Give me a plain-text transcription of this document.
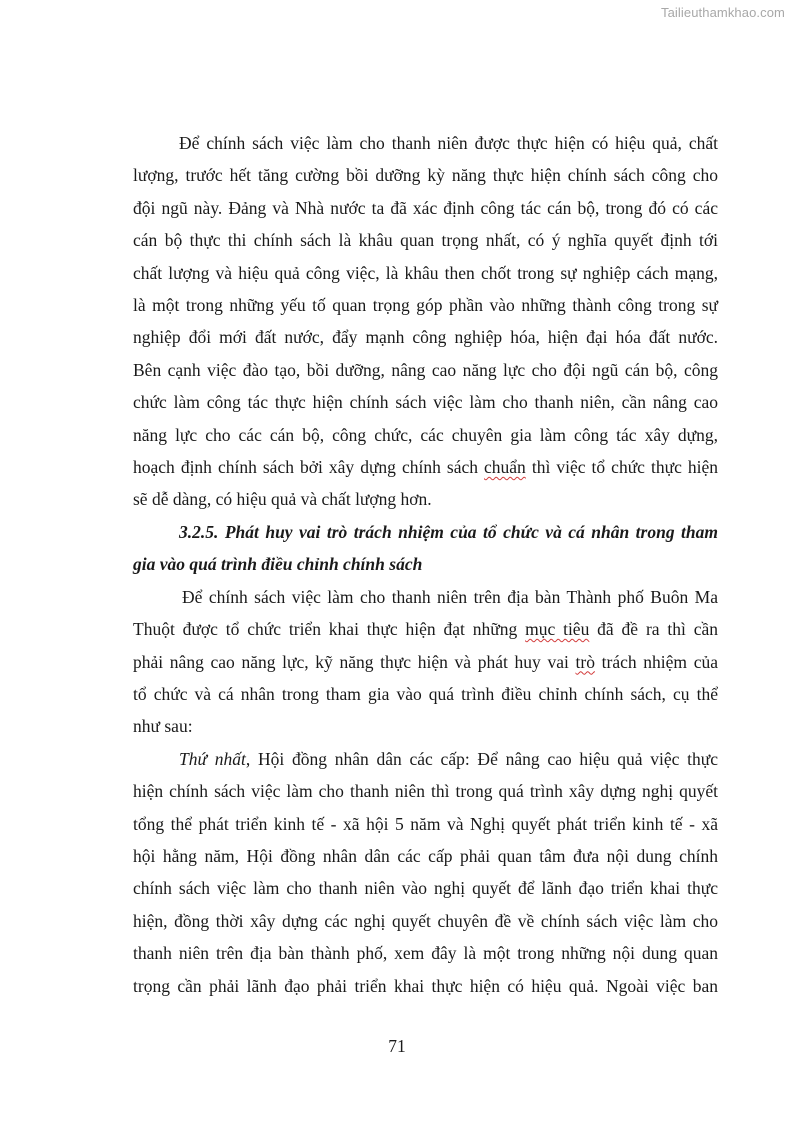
Tailieuthamkhao.com
Để chính sách việc làm cho thanh niên được thực hiện có hiệu quả, chất
lượng, trước hết tăng cường bồi dưỡng kỳ năng thực hiện chính sách công cho
đội ngũ này. Đảng và Nhà nước ta đã xác định công tác cán bộ, trong đó có các
cán bộ thực thi chính sách là khâu quan trọng nhất, có ý nghĩa quyết định tới
chất lượng và hiệu quả công việc, là khâu then chốt trong sự nghiệp cách mạng,
là một trong những yếu tố quan trọng góp phần vào những thành công trong sự
nghiệp đổi mới đất nước, đẩy mạnh công nghiệp hóa, hiện đại hóa đất nước.
Bên cạnh việc đào tạo, bồi dưỡng, nâng cao năng lực cho đội ngũ cán bộ, công
chức làm công tác thực hiện chính sách việc làm cho thanh niên, cần nâng cao
năng lực cho các cán bộ, công chức, các chuyên gia làm công tác xây dựng,
hoạch định chính sách bởi xây dựng chính sách chuẩn thì việc tổ chức thực hiện
sẽ dễ dàng, có hiệu quả và chất lượng hơn.
3.2.5. Phát huy vai trò trách nhiệm của tổ chức và cá nhân trong tham
gia vào quá trình điều chỉnh chính sách
Để chính sách việc làm cho thanh niên trên địa bàn Thành phố Buôn Ma
Thuột được tổ chức triển khai thực hiện đạt những mục tiêu đã đề ra thì cần
phải nâng cao năng lực, kỹ năng thực hiện và phát huy vai trò trách nhiệm của
tổ chức và cá nhân trong tham gia vào quá trình điều chỉnh chính sách, cụ thể
như sau:
Thứ nhất, Hội đồng nhân dân các cấp: Để nâng cao hiệu quả việc thực
hiện chính sách việc làm cho thanh niên thì trong quá trình xây dựng nghị quyết
tổng thể phát triển kinh tế - xã hội 5 năm và Nghị quyết phát triển kinh tế - xã
hội hằng năm, Hội đồng nhân dân các cấp phải quan tâm đưa nội dung chính
chính sách việc làm cho thanh niên vào nghị quyết để lãnh đạo triển khai thực
hiện, đồng thời xây dựng các nghị quyết chuyên đề về chính sách việc làm cho
thanh niên trên địa bàn thành phố, xem đây là một trong những nội dung quan
trọng cần phải lãnh đạo phải triển khai thực hiện có hiệu quả. Ngoài việc ban
71
